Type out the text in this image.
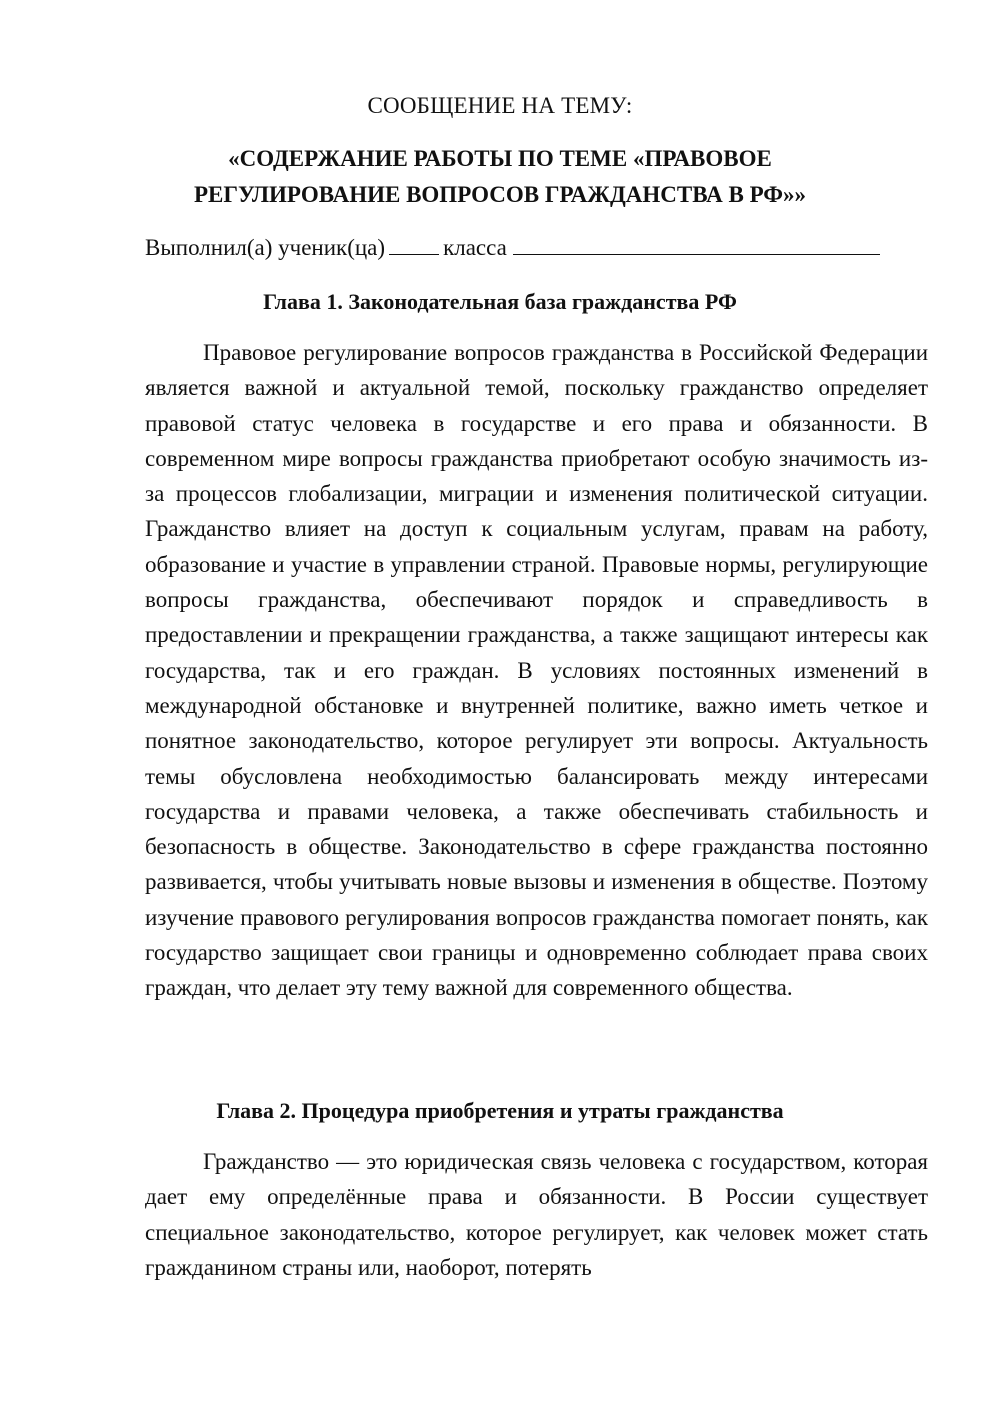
СООБЩЕНИЕ НА ТЕМУ:
«СОДЕРЖАНИЕ РАБОТЫ ПО ТЕМЕ «ПРАВОВОЕ РЕГУЛИРОВАНИЕ ВОПРОСОВ ГРАЖДАНСТВА В РФ»»
Выполнил(а) ученик(ца)	класса
Глава 1. Законодательная база гражданства РФ

Правовое регулирование вопросов гражданства в Российской Федерации является важной и актуальной темой, поскольку гражданство определяет правовой статус человека в государстве и его права и обязанности. В современном мире вопросы гражданства приобретают особую значимость из-за процессов глобализации, миграции и изменения политической ситуации. Гражданство влияет на доступ к социальным услугам, правам на работу, образование и участие в управлении страной. Правовые нормы, регулирующие вопросы гражданства, обеспечивают порядок и справедливость в предоставлении и прекращении гражданства, а также защищают интересы как государства, так и его граждан. В условиях постоянных изменений в международной обстановке и внутренней политике, важно иметь четкое и понятное законодательство, которое регулирует эти вопросы. Актуальность темы обусловлена необходимостью балансировать между интересами государства и правами человека, а также обеспечивать стабильность и безопасность в обществе. Законодательство в сфере гражданства постоянно развивается, чтобы учитывать новые вызовы и изменения в обществе. Поэтому изучение правового регулирования вопросов гражданства помогает понять, как государство защищает свои границы и одновременно соблюдает права своих граждан, что делает эту тему важной для современного общества.

Глава 2. Процедура приобретения и утраты гражданства

Гражданство — это юридическая связь человека с государством, которая дает ему определённые права и обязанности. В России существует специальное законодательство, которое регулирует, как человек может стать гражданином страны или, наоборот, потерять
